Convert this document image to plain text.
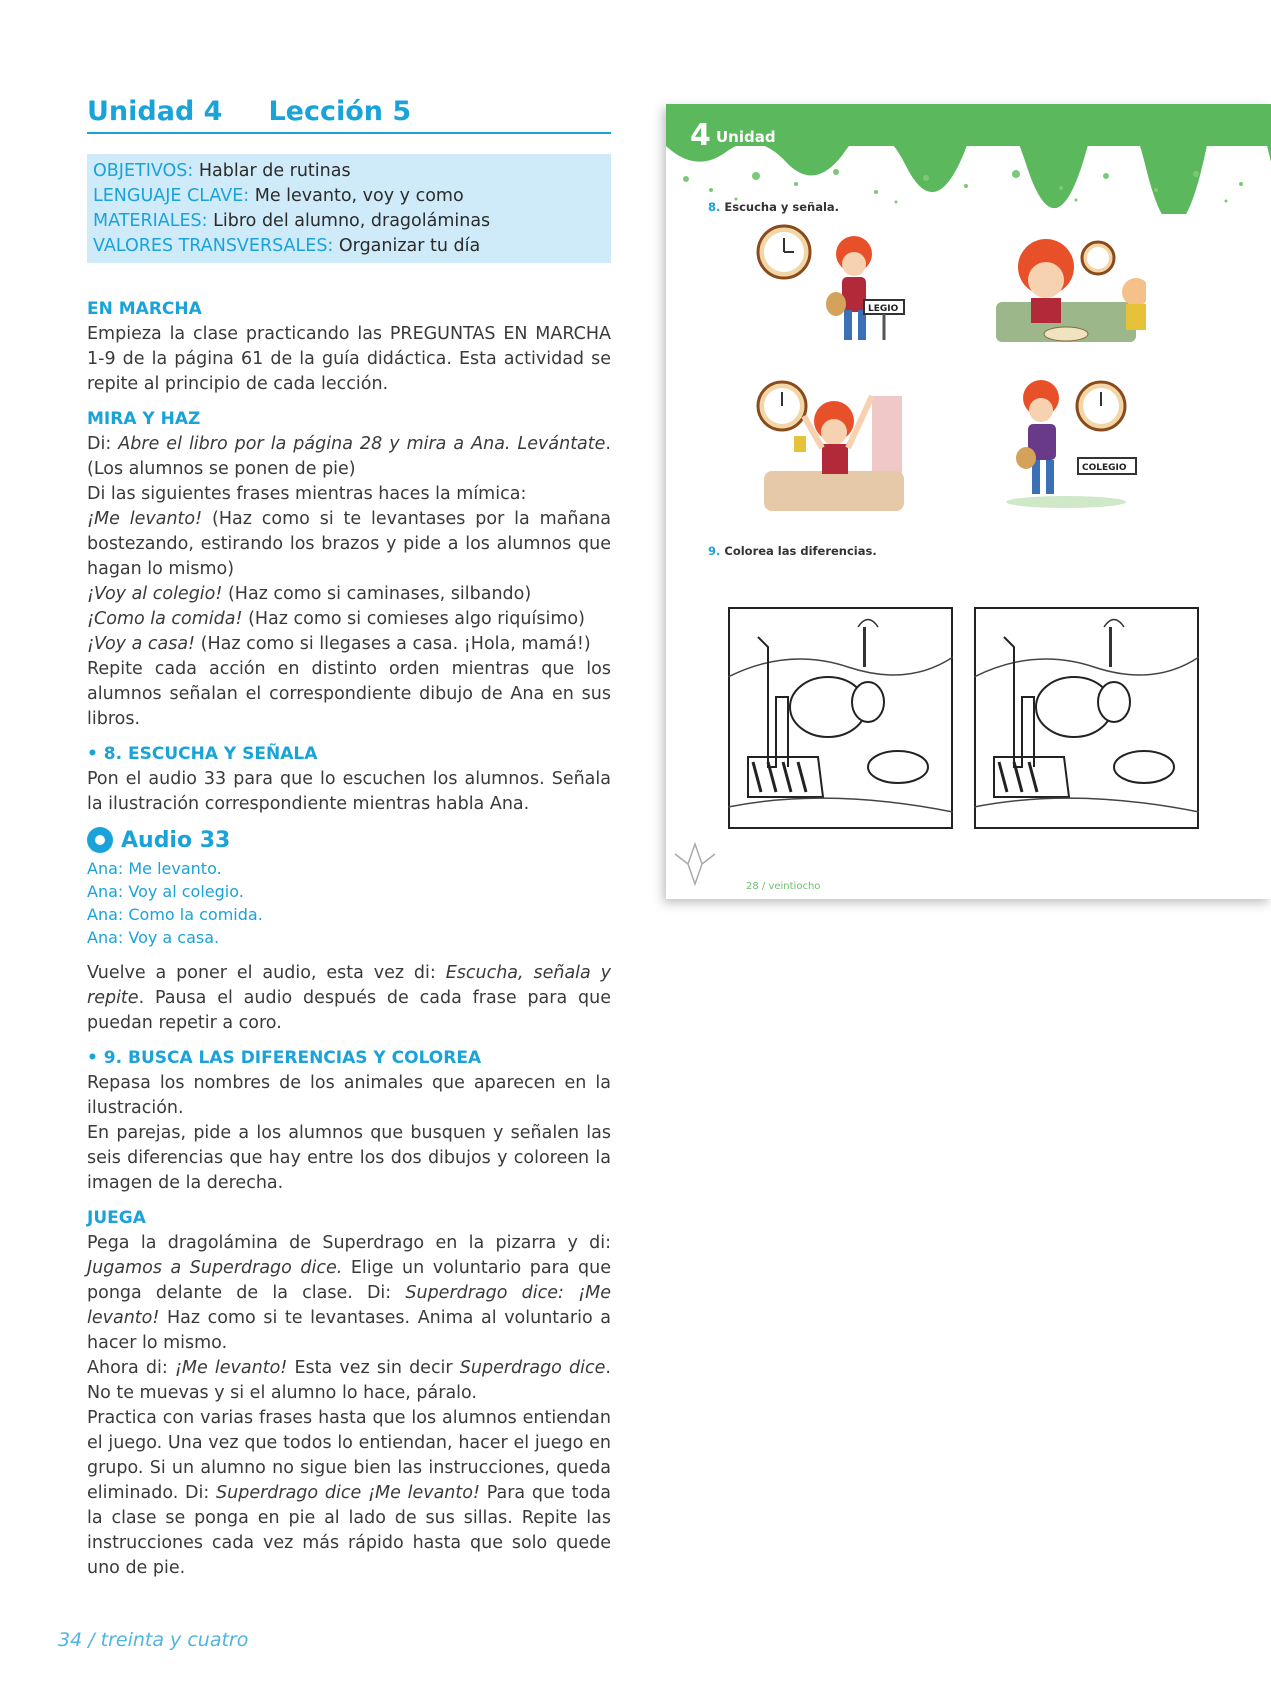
Unidad 4 Lección 5
OBJETIVOS: Hablar de rutinas
LENGUAJE CLAVE: Me levanto, voy y como
MATERIALES: Libro del alumno, dragoláminas
VALORES TRANSVERSALES: Organizar tu día
EN MARCHA

Empieza la clase practicando las PREGUNTAS EN MARCHA 1-9 de la página 61 de la guía didáctica. Esta actividad se repite al principio de cada lección.

MIRA Y HAZ

Di: Abre el libro por la página 28 y mira a Ana. Levántate. (Los alumnos se ponen de pie)

Di las siguientes frases mientras haces la mímica:

¡Me levanto! (Haz como si te levantases por la mañana bostezando, estirando los brazos y pide a los alumnos que hagan lo mismo)

¡Voy al colegio! (Haz como si caminases, silbando)

¡Como la comida! (Haz como si comieses algo riquísimo)

¡Voy a casa! (Haz como si llegases a casa. ¡Hola, mamá!)

Repite cada acción en distinto orden mientras que los alumnos señalan el correspondiente dibujo de Ana en sus libros.

• 8. ESCUCHA Y SEÑALA

Pon el audio 33 para que lo escuchen los alumnos. Señala la ilustración correspondiente mientras habla Ana.

Audio 33
Ana: Me levanto.
Ana: Voy al colegio.
Ana: Como la comida.
Ana: Voy a casa.

Vuelve a poner el audio, esta vez di: Escucha, señala y repite. Pausa el audio después de cada frase para que puedan repetir a coro.

• 9. BUSCA LAS DIFERENCIAS Y COLOREA

Repasa los nombres de los animales que aparecen en la ilustración.

En parejas, pide a los alumnos que busquen y señalen las seis diferencias que hay entre los dos dibujos y coloreen la imagen de la derecha.

JUEGA

Pega la dragolámina de Superdrago en la pizarra y di: Jugamos a Superdrago dice. Elige un voluntario para que ponga delante de la clase. Di: Superdrago dice: ¡Me levanto! Haz como si te levantases. Anima al voluntario a hacer lo mismo.

Ahora di: ¡Me levanto! Esta vez sin decir Superdrago dice. No te muevas y si el alumno lo hace, páralo.

Practica con varias frases hasta que los alumnos entiendan el juego. Una vez que todos lo entiendan, hacer el juego en grupo. Si un alumno no sigue bien las instrucciones, queda eliminado. Di: Superdrago dice ¡Me levanto! Para que toda la clase se ponga en pie al lado de sus sillas. Repite las instrucciones cada vez más rápido hasta que solo quede uno de pie.

34 / treinta y cuatro
4 Unidad
8. Escucha y señala.
LEGIO
COLEGIO
9. Colorea las diferencias.
28 / veintiocho
